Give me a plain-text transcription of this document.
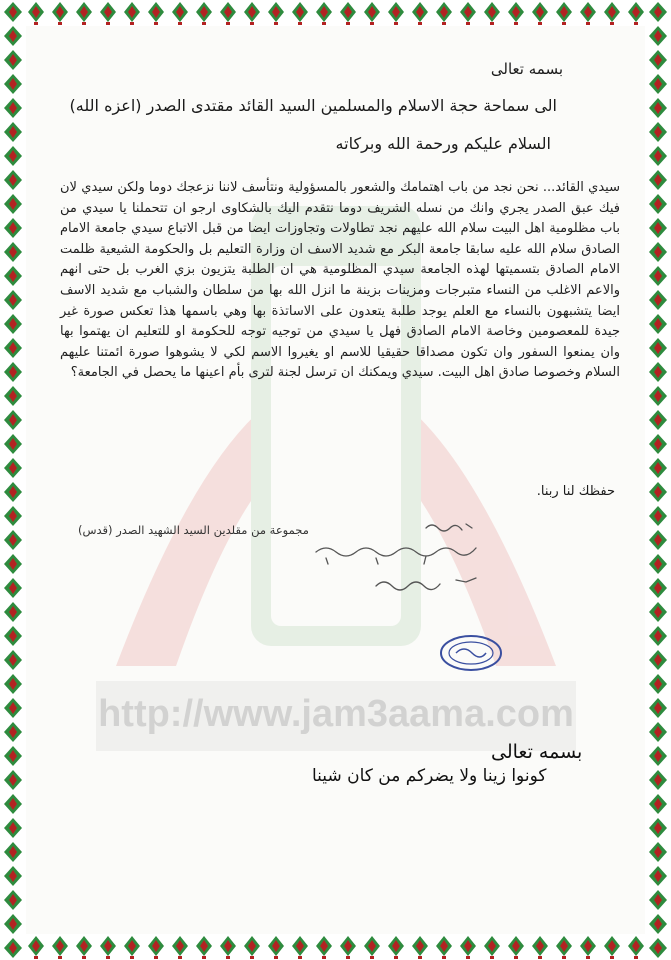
http://www.jam3aama.com
بسمه تعالى
الى سماحة حجة الاسلام والمسلمين السيد القائد مقتدى الصدر (اعزه الله)
السلام عليكم ورحمة الله وبركاته
سيدي القائد... نحن نجد من باب اهتمامك والشعور بالمسؤولية ونتأسف لاننا نزعجك دوما ولكن سيدي لان فيك عبق الصدر يجري وانك من نسله الشريف دوما نتقدم اليك بالشكاوى ارجو ان تتحملنا يا سيدي من باب مظلومية اهل البيت سلام الله عليهم نجد تطاولات وتجاوزات ايضا من قبل الاتباع سيدي جامعة الامام الصادق سلام الله عليه سابقا جامعة البكر مع شديد الاسف ان وزارة التعليم بل والحكومة الشيعية ظلمت الامام الصادق بتسميتها لهذه الجامعة سيدي المظلومية هي ان الطلبة يتزيون بزي الغرب بل حتى انهم والاعم الاغلب من النساء متبرجات ومزينات بزينة ما انزل الله بها من سلطان والشباب مع شديد الاسف ايضا يتشبهون بالنساء مع العلم يوجد طلبة يتعدون على الاساتذة بها وهي باسمها هذا تعكس صورة غير جيدة للمعصومين وخاصة الامام الصادق فهل يا سيدي من توجيه توجه للحكومة او للتعليم ان يهتموا بها وان يمنعوا السفور وان تكون مصداقا حقيقيا للاسم او يغيروا الاسم لكي لا يشوهوا صورة ائمتنا عليهم السلام وخصوصا صادق اهل البيت. سيدي ويمكنك ان ترسل لجنة لترى بأم اعينها ما يحصل في الجامعة؟
حفظك لنا ربنا.
مجموعة من مقلدين السيد الشهيد الصدر (قدس)
بسمه تعالى
كونوا زينا ولا يضركم من كان شينا
